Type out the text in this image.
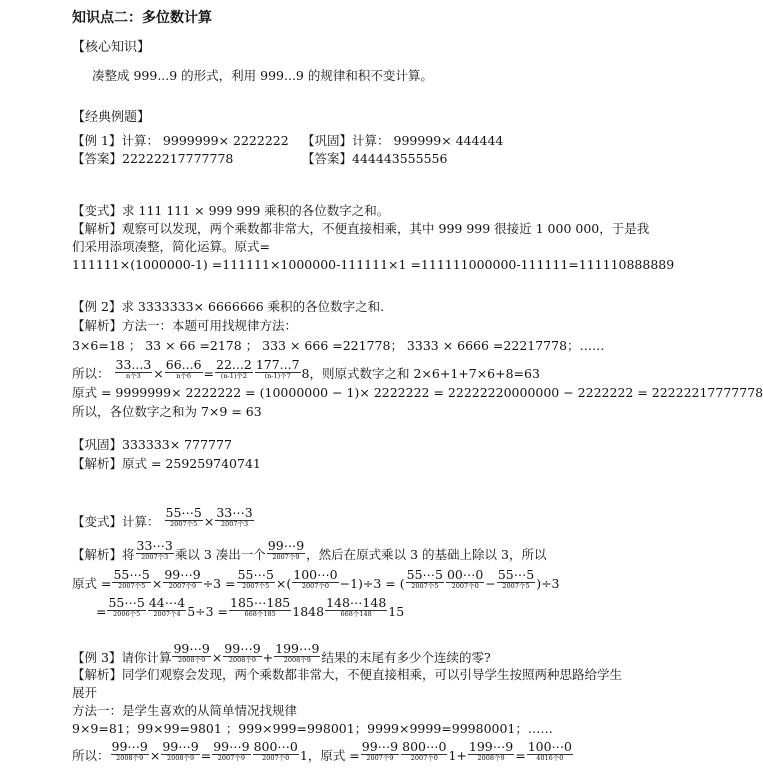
知识点二：多位数计算
【核心知识】
凑整成 999...9 的形式，利用 999...9 的规律和积不变计算。
【经典例题】
【例 1】计算： 9999999× 2222222 【巩固】计算： 999999× 444444
【答案】22222217777778	【答案】444443555556
【变式】求 111 111 × 999 999 乘积的各位数字之和。
【解析】观察可以发现，两个乘数都非常大，不便直接相乘，其中 999 999 很接近 1 000 000，于是我
们采用添项凑整，简化运算。原式=
111111×(1000000-1) =111111×1000000-111111×1 =111111000000-111111=111110888889
【例 2】求 3333333× 6666666 乘积的各位数字之和.
【解析】方法一：本题可用找规律方法：
3×6=18 ； 33 × 66 =2178 ； 333 × 666 =221778； 3333 × 6666 =22217778；……
所以：
33...3
n个3 ×
66...6
n个6 =
22...2
(n-1)个2
177...7
(n-1)个7 8，则原式数字之和 2×6+1+7×6+8=63
原式 = 9999999× 2222222 = (10000000 − 1)× 2222222 = 22222220000000 − 2222222 = 22222217777778
所以，各位数字之和为 7×9 = 63
【巩固】333333× 777777
【解析】原式 = 259259740741
【变式】计算：
55⋯5
2007个5 ×
33⋯3
2007个3
【解析】将
33⋯3
2007个3 乘以 3 凑出一个
99⋯9
2007个9 ，然后在原式乘以 3 的基础上除以 3，所以
原式 =
55⋯5
2007个5 ×
99⋯9
2007个9 ÷3 =
55⋯5
2007个5 ×(
100⋯0
2007个0 −1)÷3 = (
55⋯5
2007个5
00⋯0
2007个0 −
55⋯5
2007个5 )÷3
=
55⋯5
2006个5
44⋯4
2007个4 5÷3 =
185⋯185
668个185	1848
148⋯148
668个148	15
【例 3】请你计算
99⋯9
2008个9 ×
99⋯9
2008个9 +
199⋯9
2008个9 结果的末尾有多少个连续的零?
【解析】同学们观察会发现，两个乘数都非常大，不便直接相乘，可以引导学生按照两种思路给学生
展开
方法一：是学生喜欢的从简单情况找规律
9×9=81；99×99=9801 ；999×999=998001；9999×9999=99980001；……
所以：
99⋯9
2008个9 ×
99⋯9
2008个9 =
99⋯9
2007个9
800⋯0
2007个0 1，原式 =
99⋯9
2007个9
800⋯0
2007个0 1+
199⋯9
2008个9 =
100⋯0
4016个0
